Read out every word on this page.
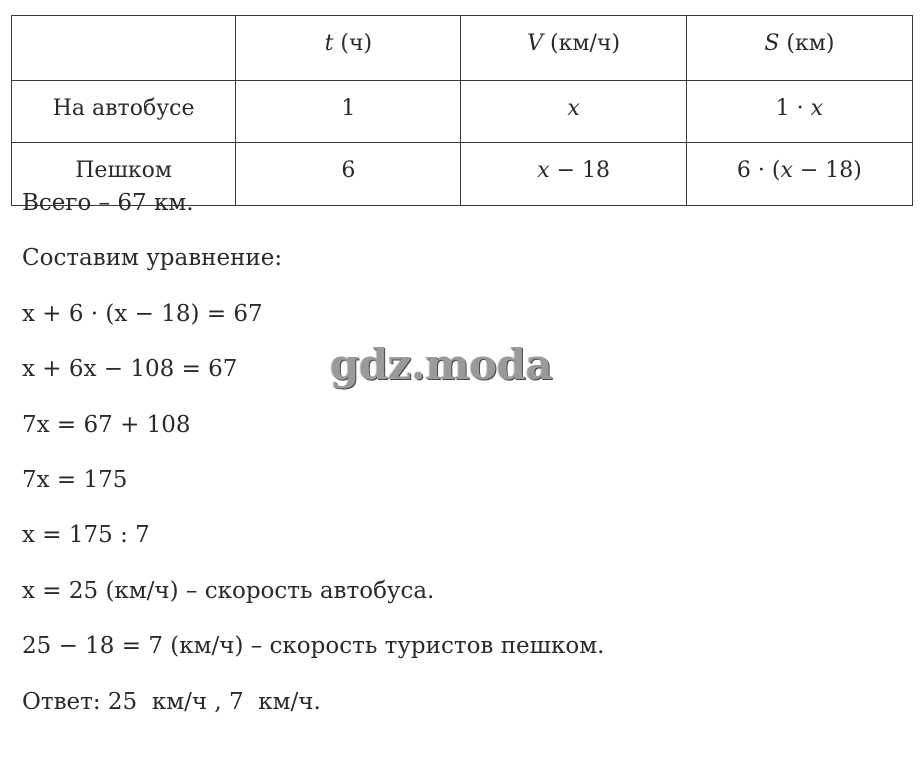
	t (ч)	V (км/ч)	S (км)
На автобусе	1	x	1 · x
Пешком	6	x − 18	6 · (x − 18)
Всего – 67 км.
Составим уравнение:
x + 6 · (x − 18) = 67
x + 6x − 108 = 67
7x = 67 + 108
7x = 175
x = 175 : 7
x = 25 (км/ч) – скорость автобуса.
25 − 18 = 7 (км/ч) – скорость туристов пешком.
Ответ: 25  км/ч , 7  км/ч.
gdz.moda
